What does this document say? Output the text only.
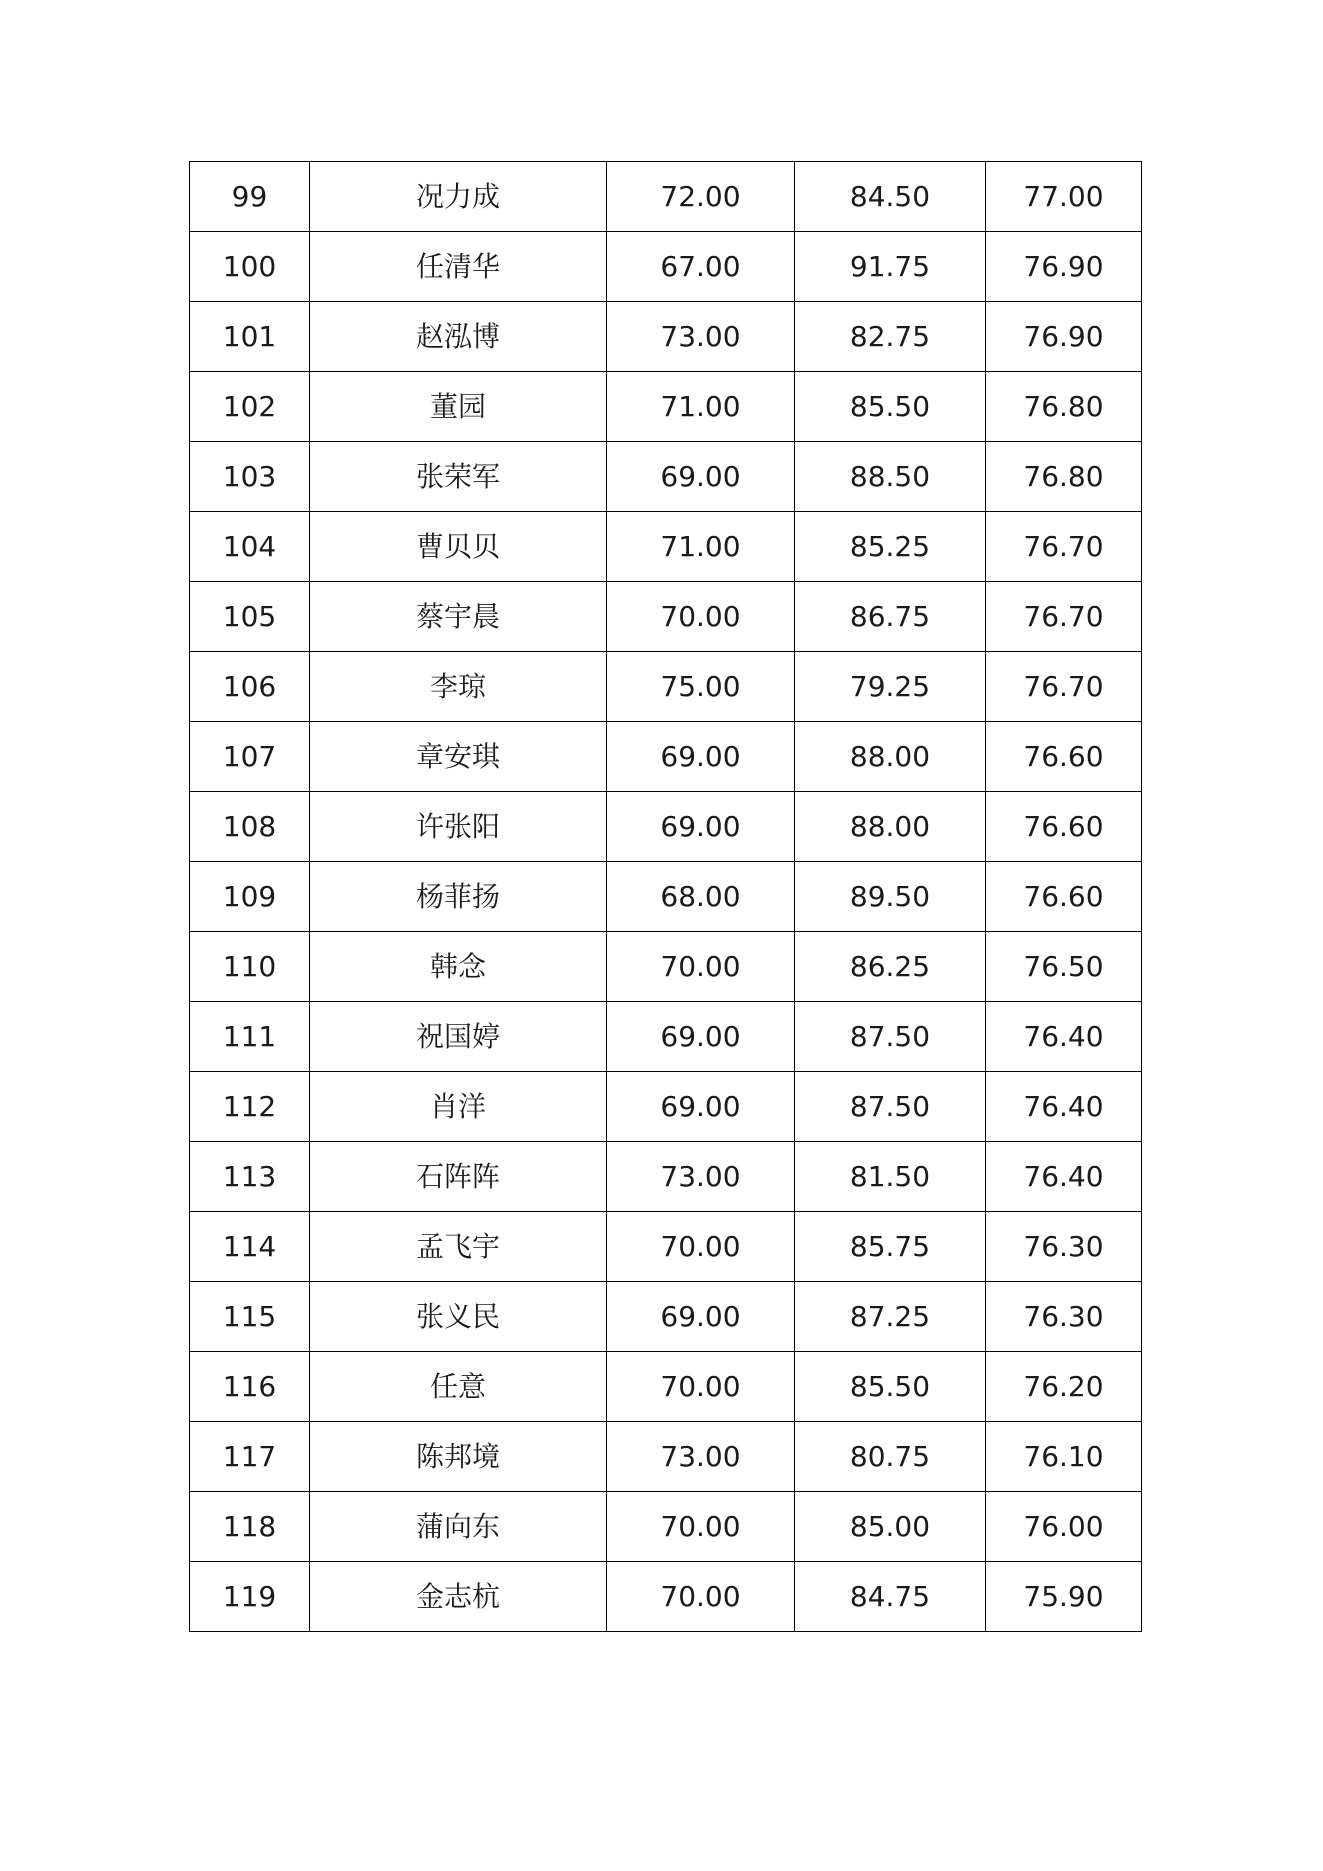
99	况力成	72.00	84.50	77.00
100	任清华	67.00	91.75	76.90
101	赵泓博	73.00	82.75	76.90
102	董园	71.00	85.50	76.80
103	张荣军	69.00	88.50	76.80
104	曹贝贝	71.00	85.25	76.70
105	蔡宇晨	70.00	86.75	76.70
106	李琼	75.00	79.25	76.70
107	章安琪	69.00	88.00	76.60
108	许张阳	69.00	88.00	76.60
109	杨菲扬	68.00	89.50	76.60
110	韩念	70.00	86.25	76.50
111	祝国婷	69.00	87.50	76.40
112	肖洋	69.00	87.50	76.40
113	石阵阵	73.00	81.50	76.40
114	孟飞宇	70.00	85.75	76.30
115	张义民	69.00	87.25	76.30
116	任意	70.00	85.50	76.20
117	陈邦境	73.00	80.75	76.10
118	蒲向东	70.00	85.00	76.00
119	金志杭	70.00	84.75	75.90
